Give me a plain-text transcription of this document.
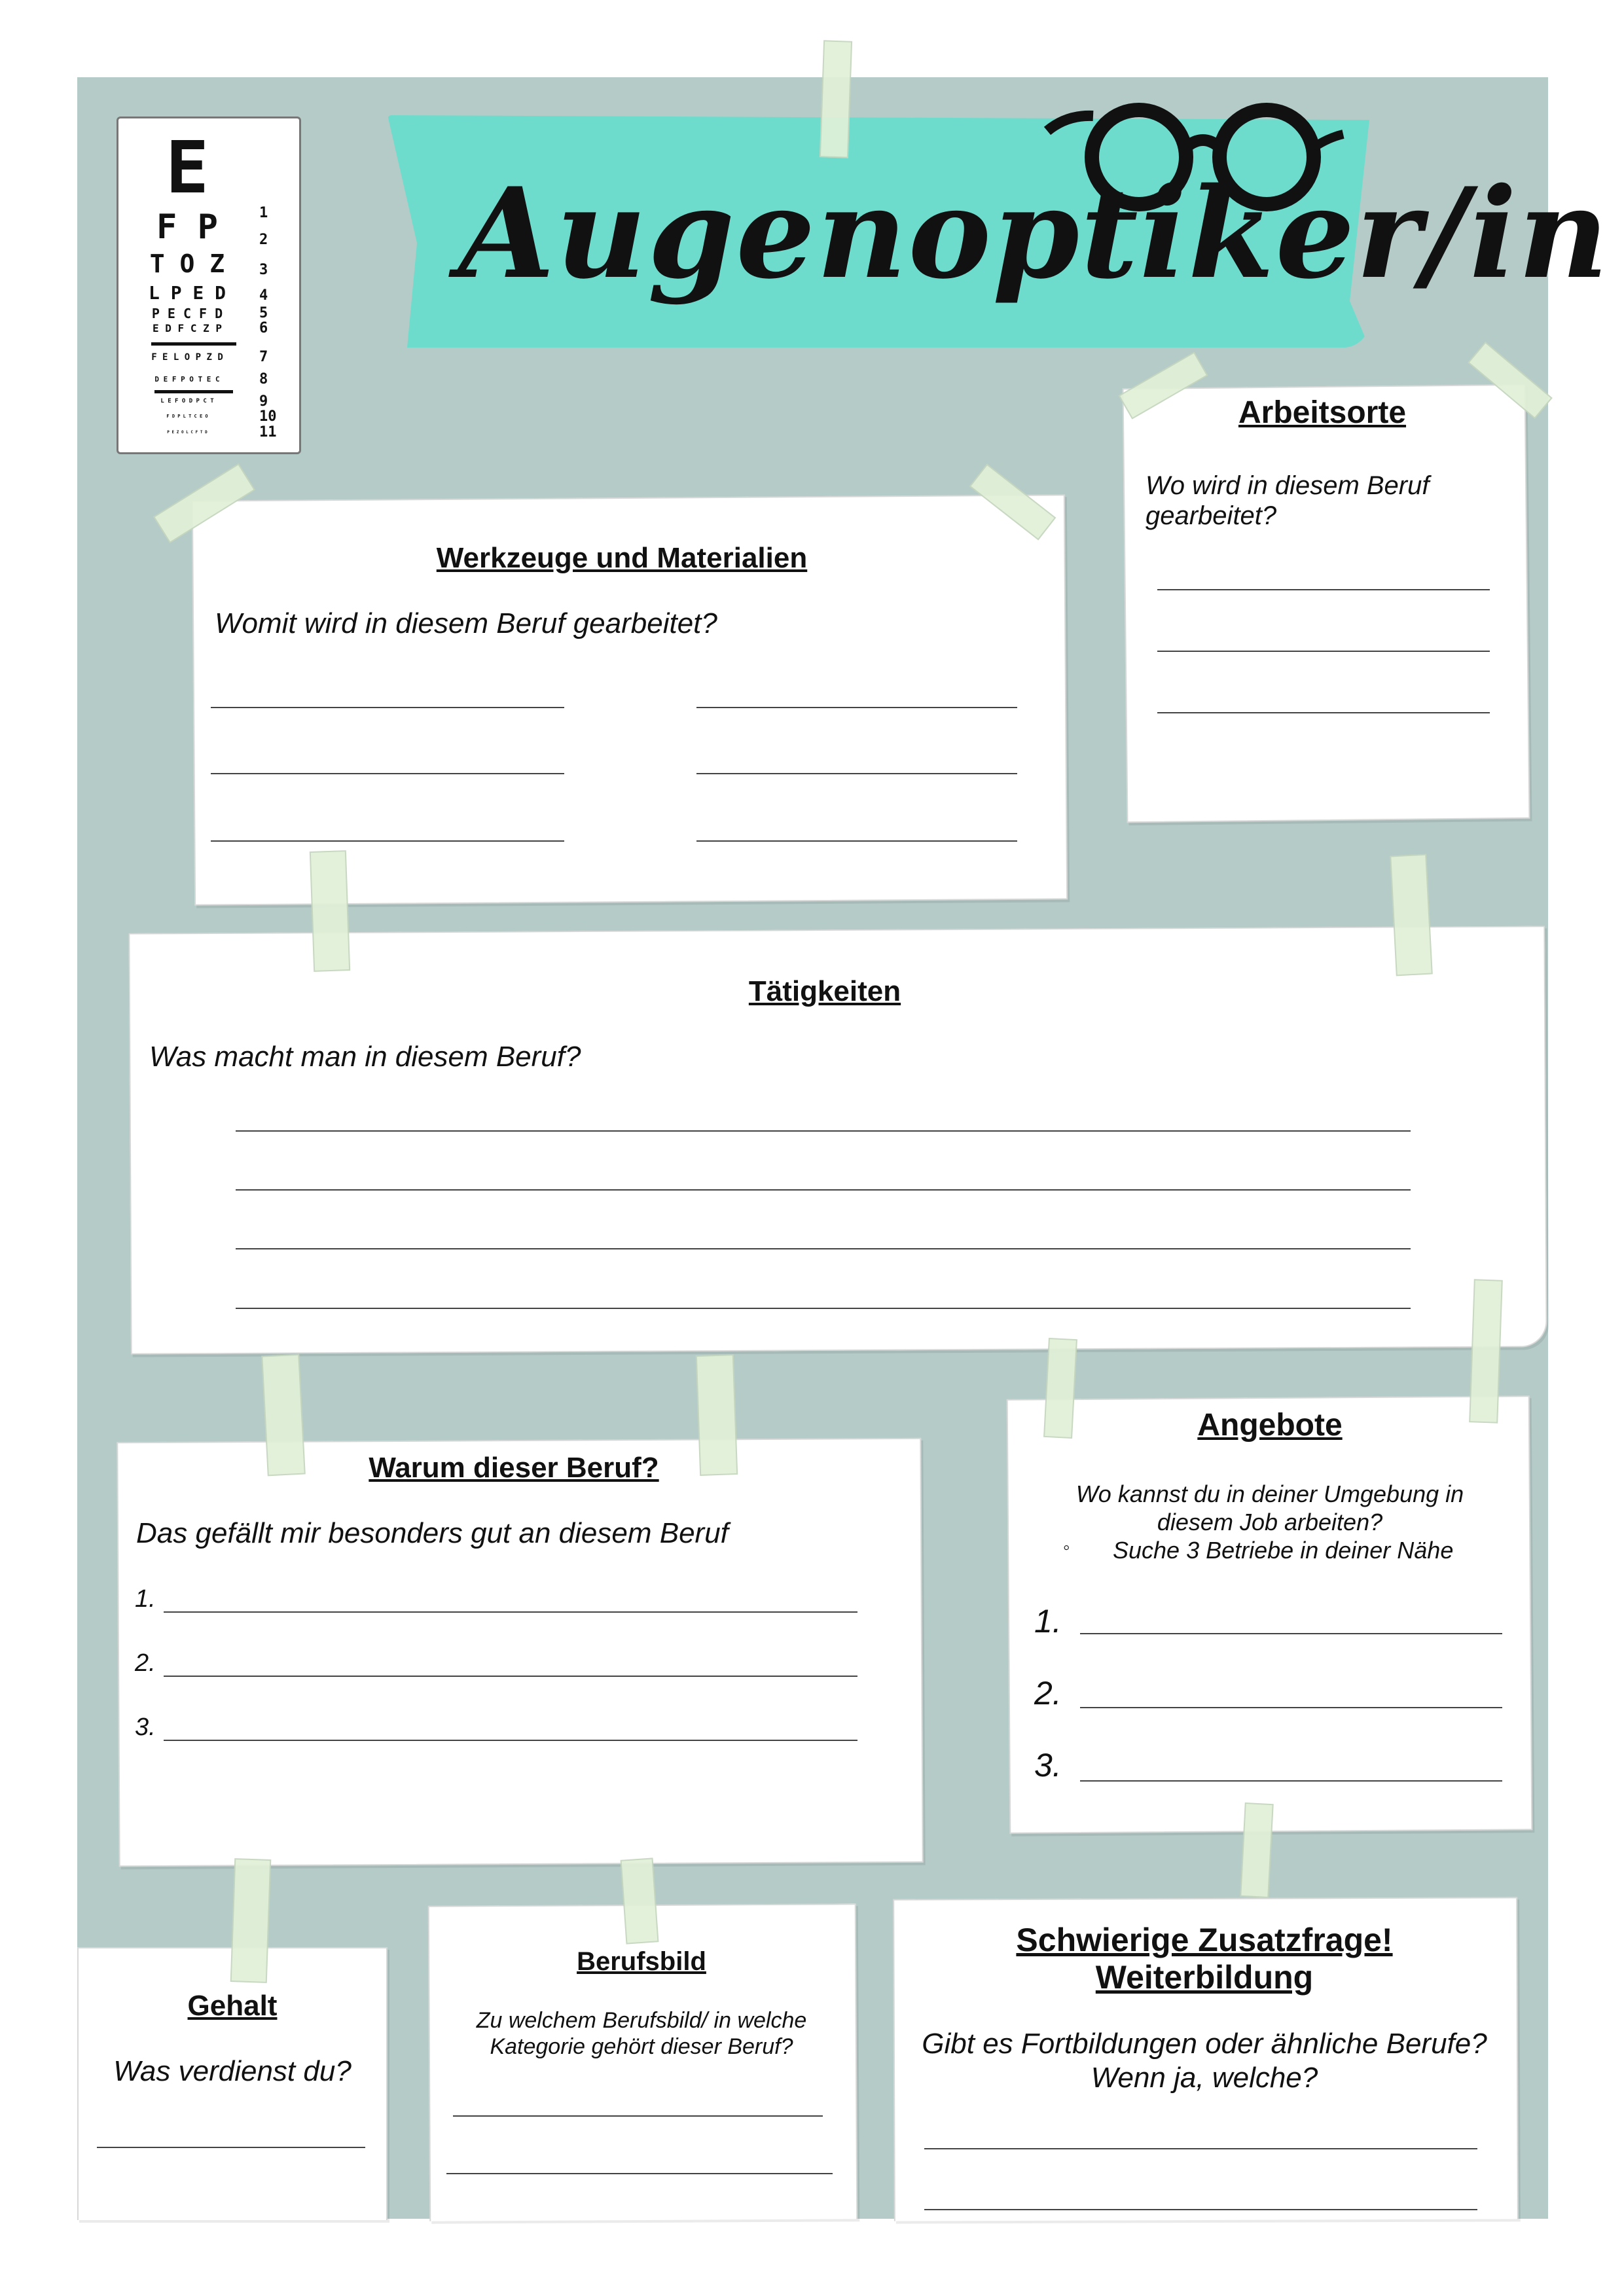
Augenoptiker/in
E
1
F P	2
T O Z	3
L P E D	4
P E C F D	5
E D F C Z P	6
F E L O P Z D	7
D E F P O T E C	8
L E F O D P C T	9
F D P L T C E O	10
P E Z O L C F T D	11
Arbeitsorte
Wo wird in diesem Beruf
gearbeitet?
Werkzeuge und Materialien
Womit wird in diesem Beruf gearbeitet?
Tätigkeiten
Was macht man in diesem Beruf?
Warum dieser Beruf?
Das gefällt mir besonders gut an diesem Beruf
1.
2.
3.
Angebote
Wo kannst du in deiner Umgebung in
diesem Job arbeiten?
◦ Suche 3 Betriebe in deiner Nähe
1.
2.
3.
Gehalt
Was verdienst du?
Berufsbild
Zu welchem Berufsbild/ in welche
Kategorie gehört dieser Beruf?
Schwierige Zusatzfrage!
Weiterbildung
Gibt es Fortbildungen oder ähnliche Berufe?
Wenn ja, welche?
